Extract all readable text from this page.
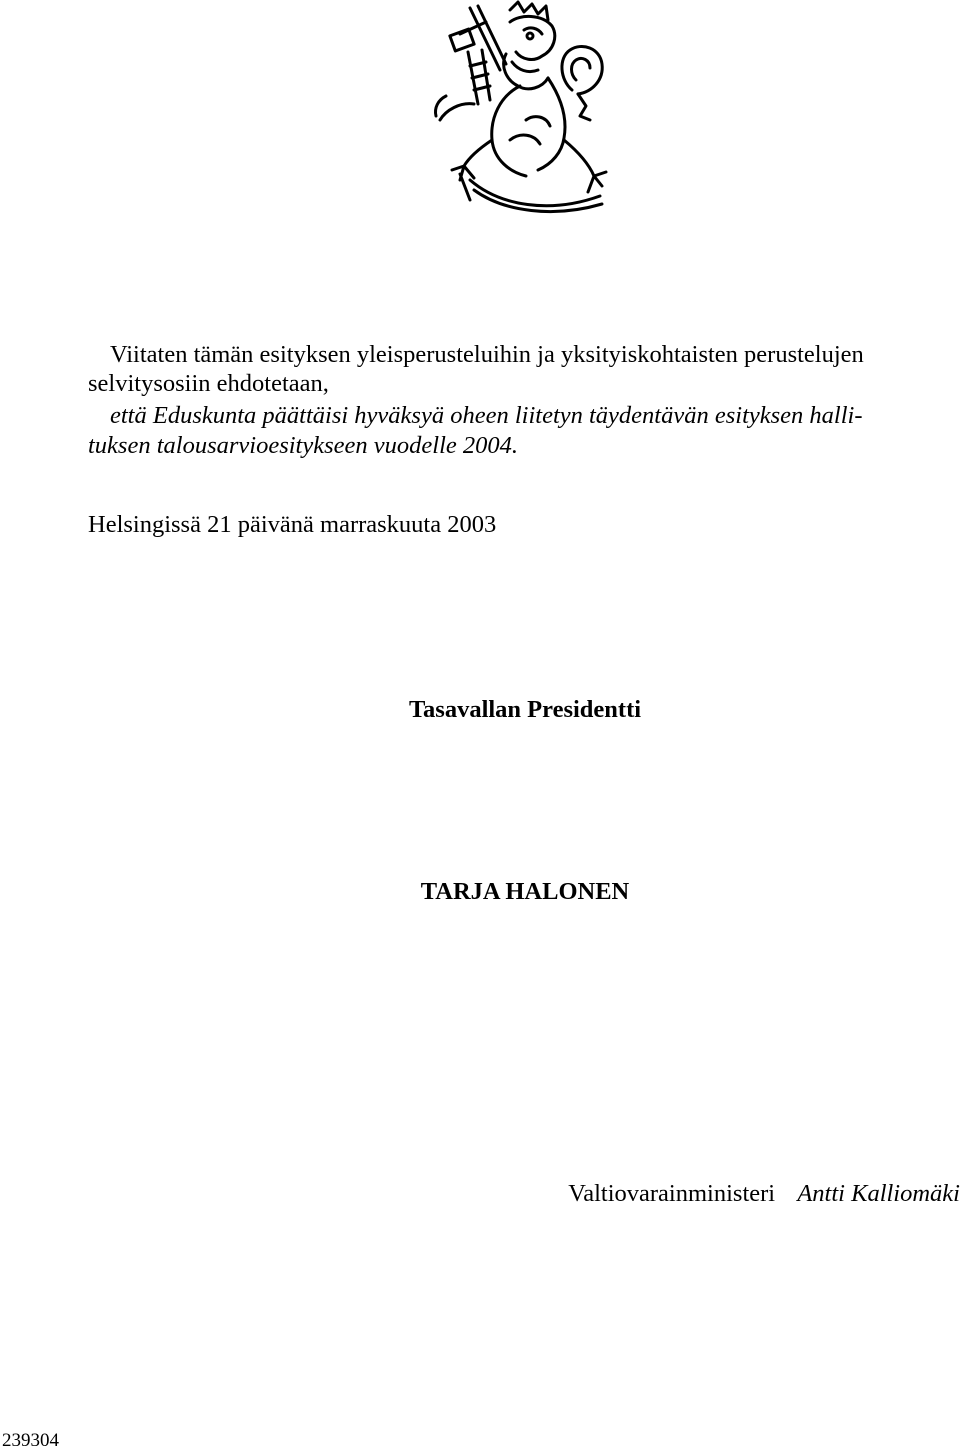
Viitaten tämän esityksen yleisperusteluihin ja yksityiskohtaisten perustelujen
selvitysosiin ehdotetaan,
että Eduskunta päättäisi hyväksyä oheen liitetyn täydentävän esityksen halli-
tuksen talousarvioesitykseen vuodelle 2004.
Helsingissä 21 päivänä marraskuuta 2003
Tasavallan Presidentti
TARJA HALONEN
Valtiovarainministeri Antti Kalliomäki
239304
